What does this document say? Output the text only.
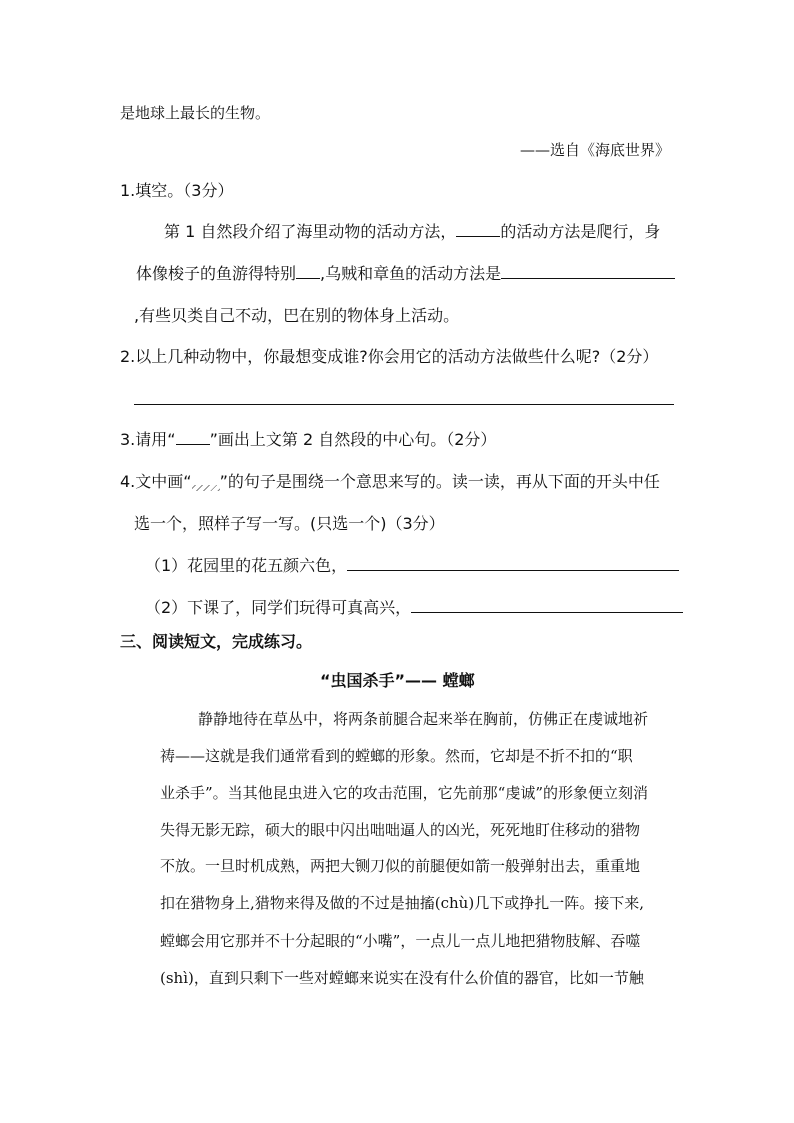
是地球上最长的生物。
——选自《海底世界》
1.填空。（3分）
第 1 自然段介绍了海里动物的活动方法，	的活动方法是爬行，身
体像梭子的鱼游得特别 ,乌贼和章鱼的活动方法是
,有些贝类自己不动，巴在别的物体身上活动。
2.以上几种动物中，你最想变成谁?你会用它的活动方法做些什么呢?（2分）
3.请用“ ”画出上文第 2 自然段的中心句。（2分）
4.文中画“ ”的句子是围绕一个意思来写的。读一读，再从下面的开头中任
选一个，照样子写一写。(只选一个)（3分）
（1）花园里的花五颜六色，
（2）下课了，同学们玩得可真高兴，
三、阅读短文，完成练习。
“虫国杀手”—— 螳螂
静静地待在草丛中，将两条前腿合起来举在胸前，仿佛正在虔诚地祈
祷——这就是我们通常看到的螳螂的形象。然而，它却是不折不扣的“职
业杀手”。当其他昆虫进入它的攻击范围，它先前那“虔诚”的形象便立刻消
失得无影无踪，硕大的眼中闪出咄咄逼人的凶光，死死地盯住移动的猎物
不放。一旦时机成熟，两把大铡刀似的前腿便如箭一般弹射出去，重重地
扣在猎物身上,猎物来得及做的不过是抽搐(chù)几下或挣扎一阵。接下来,
螳螂会用它那并不十分起眼的“小嘴”，一点儿一点儿地把猎物肢解、吞噬
(shì)，直到只剩下一些对螳螂来说实在没有什么价值的器官，比如一节触
